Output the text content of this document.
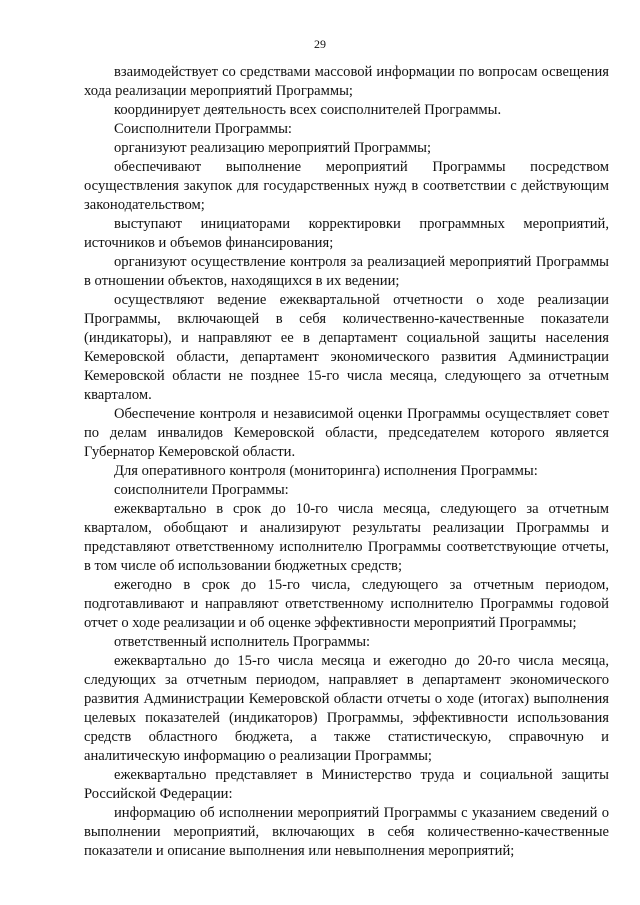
29

взаимодействует со средствами массовой информации по вопросам освещения хода реализации мероприятий Программы;

координирует деятельность всех соисполнителей Программы.

Соисполнители Программы:

организуют реализацию мероприятий Программы;

обеспечивают выполнение мероприятий Программы посредством осуществления закупок для государственных нужд в соответствии с действующим законодательством;

выступают инициаторами корректировки программных мероприятий, источников и объемов финансирования;

организуют осуществление контроля за реализацией мероприятий Программы в отношении объектов, находящихся в их ведении;

осуществляют ведение ежеквартальной отчетности о ходе реализации Программы, включающей в себя количественно-качественные показатели (индикаторы), и направляют ее в департамент социальной защиты населения Кемеровской области, департамент экономического развития Администрации Кемеровской области не позднее 15-го числа месяца, следующего за отчетным кварталом.

Обеспечение контроля и независимой оценки Программы осуществляет совет по делам инвалидов Кемеровской области, председателем которого является Губернатор Кемеровской области.

Для оперативного контроля (мониторинга) исполнения Программы:

соисполнители Программы:

ежеквартально в срок до 10-го числа месяца, следующего за отчетным кварталом, обобщают и анализируют результаты реализации Программы и представляют ответственному исполнителю Программы соответствующие отчеты, в том числе об использовании бюджетных средств;

ежегодно в срок до 15-го числа, следующего за отчетным периодом, подготавливают и направляют ответственному исполнителю Программы годовой отчет о ходе реализации и об оценке эффективности мероприятий Программы;

ответственный исполнитель Программы:

ежеквартально до 15-го числа месяца и ежегодно до 20-го числа месяца, следующих за отчетным периодом, направляет в департамент экономического развития Администрации Кемеровской области отчеты о ходе (итогах) выполнения целевых показателей (индикаторов) Программы, эффективности использования средств областного бюджета, а также статистическую, справочную и аналитическую информацию о реализации Программы;

ежеквартально представляет в Министерство труда и социальной защиты Российской Федерации:

информацию об исполнении мероприятий Программы с указанием сведений о выполнении мероприятий, включающих в себя количественно-качественные показатели и описание выполнения или невыполнения мероприятий;
